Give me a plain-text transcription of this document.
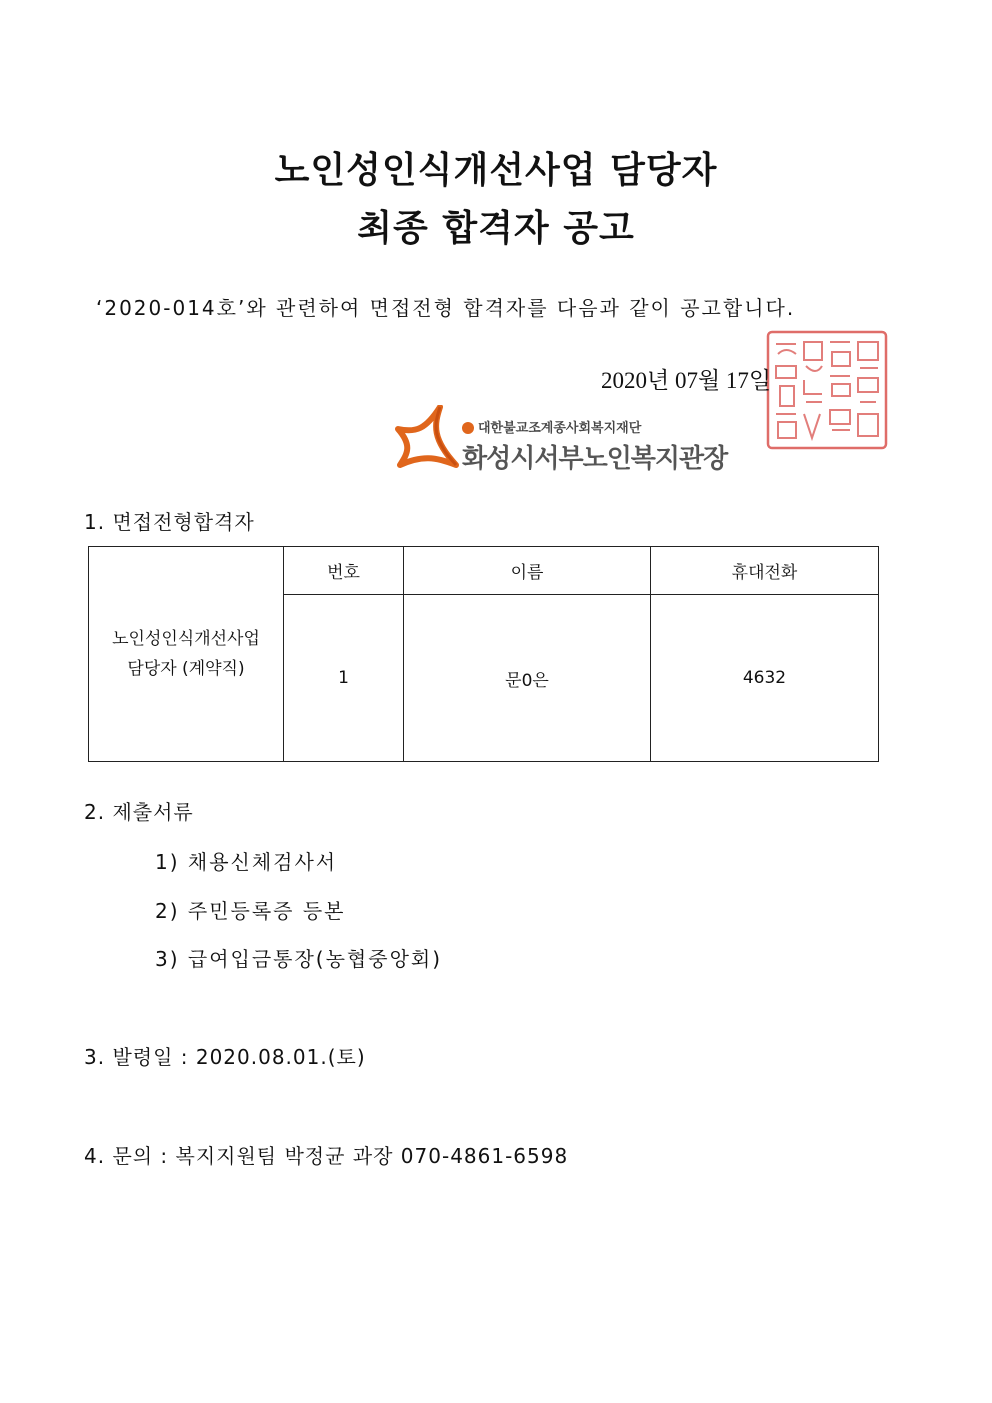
노인성인식개선사업 담당자
최종 합격자 공고
‘2020-014호’와 관련하여 면접전형 합격자를 다음과 같이 공고합니다.
2020년 07월 17일
대한불교조계종사회복지재단
화성시서부노인복지관장
1. 면접전형합격자
노인성인식개선사업
담당자 (계약직)	번호	이름	휴대전화
	1	문0은	4632
2. 제출서류
1) 채용신체검사서
2) 주민등록증 등본
3) 급여입금통장(농협중앙회)
3. 발령일 : 2020.08.01.(토)
4. 문의 : 복지지원팀 박정균 과장 070-4861-6598
